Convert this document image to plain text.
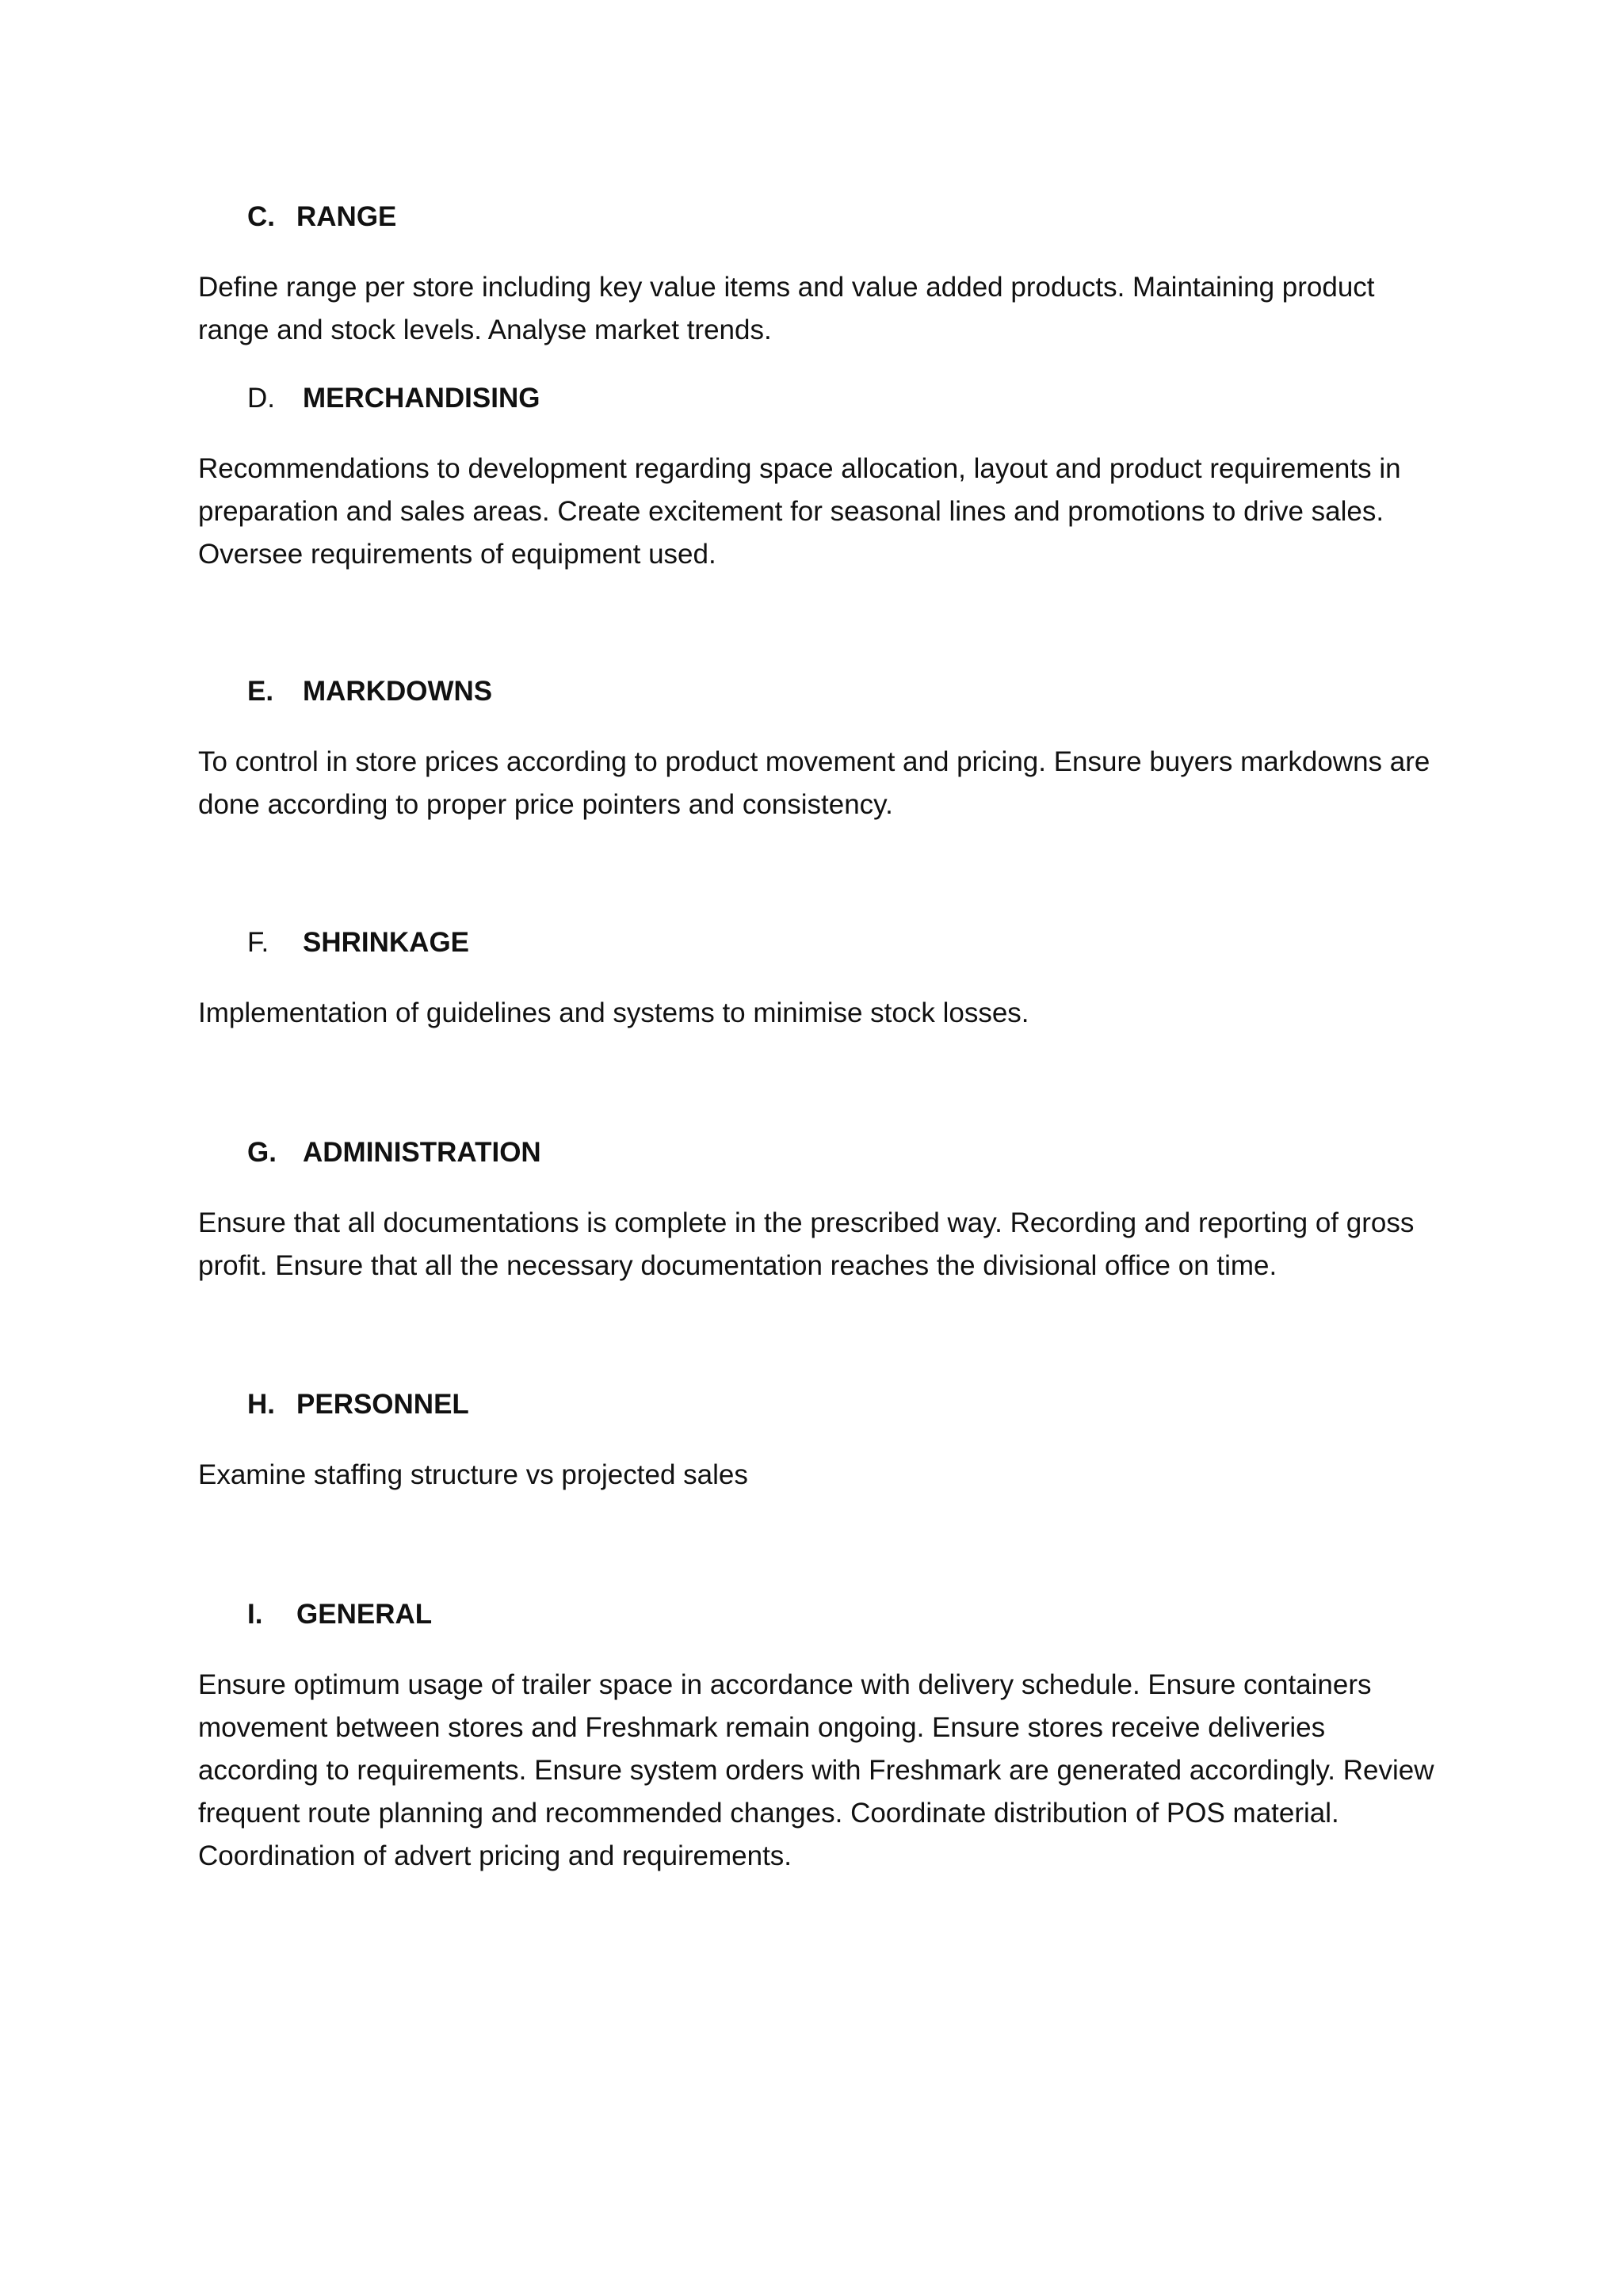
C. RANGE
Define range per store including key value items and value added products. Maintaining product
range and stock levels. Analyse market trends.
D. MERCHANDISING
Recommendations to development regarding space allocation, layout and product requirements in
preparation and sales areas. Create excitement for seasonal lines and promotions to drive sales.
Oversee requirements of equipment used.
E. MARKDOWNS
To control in store prices according to product movement and pricing. Ensure buyers markdowns are
done according to proper price pointers and consistency.
F. SHRINKAGE
Implementation of guidelines and systems to minimise stock losses.
G. ADMINISTRATION
Ensure that all documentations is complete in the prescribed way. Recording and reporting of gross
profit. Ensure that all the necessary documentation reaches the divisional office on time.
H. PERSONNEL
Examine staffing structure vs projected sales
I. GENERAL
Ensure optimum usage of trailer space in accordance with delivery schedule. Ensure containers
movement between stores and Freshmark remain ongoing. Ensure stores receive deliveries
according to requirements. Ensure system orders with Freshmark are generated accordingly. Review
frequent route planning and recommended changes. Coordinate distribution of POS material.
Coordination of advert pricing and requirements.
